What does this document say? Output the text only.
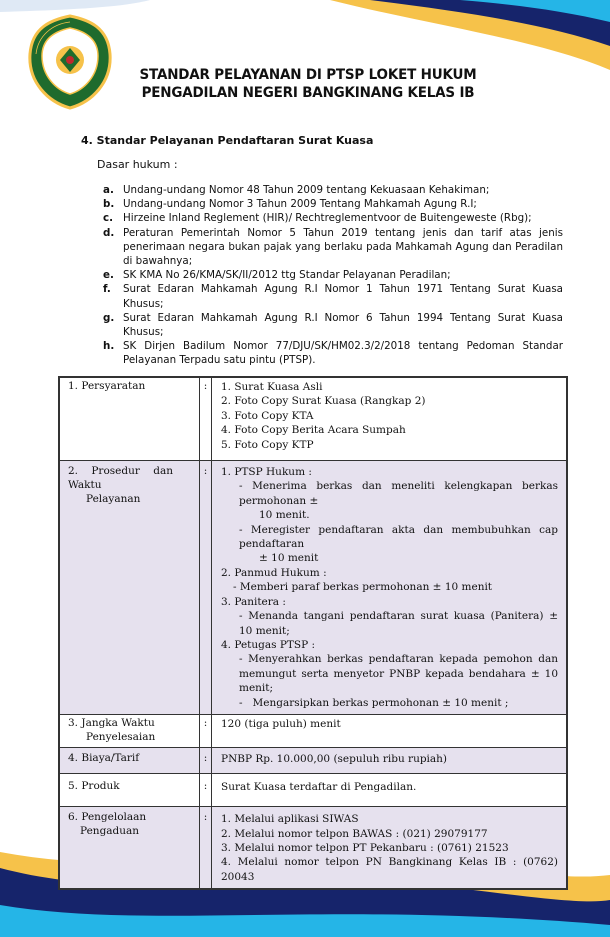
STANDAR PELAYANAN DI PTSP LOKET HUKUM
PENGADILAN NEGERI BANGKINANG KELAS IB
4. Standar Pelayanan Pendaftaran Surat Kuasa
Dasar hukum :
a. Undang-undang Nomor 48 Tahun 2009 tentang Kekuasaan Kehakiman;
b. Undang-undang Nomor 3 Tahun 2009 Tentang Mahkamah Agung R.I;
c. Hirzeine Inland Reglement (HIR)/ Rechtreglementvoor de Buitengeweste (Rbg);
d. Peraturan Pemerintah Nomor 5 Tahun 2019 tentang jenis dan tarif atas jenis penerimaan negara bukan pajak yang berlaku pada Mahkamah Agung dan Peradilan di bawahnya;
e. SK KMA No 26/KMA/SK/II/2012 ttg Standar Pelayanan Peradilan;
f.	Surat Edaran Mahkamah Agung R.I Nomor 1 Tahun 1971 Tentang Surat Kuasa Khusus;
g. Surat Edaran Mahkamah Agung R.I Nomor 6 Tahun 1994 Tentang Surat Kuasa Khusus;
h. SK Dirjen Badilum Nomor 77/DJU/SK/HM02.3/2/2018 tentang Pedoman Standar Pelayanan Terpadu satu pintu (PTSP).
1. Persyaratan	:	1. Surat Kuasa Asli
2. Foto Copy Surat Kuasa (Rangkap 2)
3. Foto Copy KTA
4. Foto Copy Berita Acara Sumpah
5. Foto Copy KTP
2.    Prosedur    dan
Waktu
Pelayanan
:	1. PTSP Hukum :
- Menerima berkas dan meneliti kelengkapan berkas permohonan ±
10 menit.
- Meregister pendaftaran akta dan membubuhkan cap pendaftaran
± 10 menit
2. Panmud Hukum :
- Memberi paraf berkas permohonan ± 10 menit
3. Panitera :
- Menanda tangani pendaftaran surat kuasa (Panitera) ± 10 menit;
4. Petugas PTSP :
- Menyerahkan berkas pendaftaran kepada pemohon dan memungut serta menyetor PNBP kepada bendahara ± 10 menit;
-   Mengarsipkan berkas permohonan ± 10 menit ;
3. Jangka Waktu
Penyelesaian
:	120 (tiga puluh) menit
4. Biaya/Tarif	:	PNBP Rp. 10.000,00 (sepuluh ribu rupiah)
5. Produk	:	Surat Kuasa terdaftar di Pengadilan.
6. Pengelolaan
Pengaduan
:	1. Melalui aplikasi SIWAS
2. Melalui nomor telpon BAWAS : (021) 29079177
3. Melalui nomor telpon PT Pekanbaru : (0761) 21523
4. Melalui nomor telpon PN Bangkinang Kelas IB : (0762) 20043
